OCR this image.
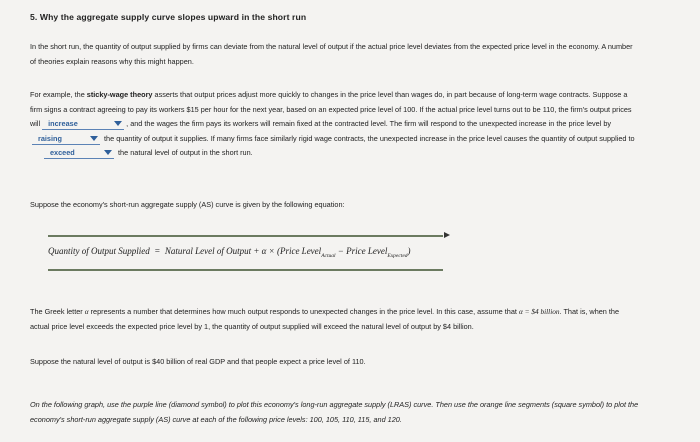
5. Why the aggregate supply curve slopes upward in the short run
In the short run, the quantity of output supplied by firms can deviate from the natural level of output if the actual price level deviates from the expected price level in the economy. A number of theories explain reasons why this might happen.
For example, the sticky-wage theory asserts that output prices adjust more quickly to changes in the price level than wages do, in part because of long-term wage contracts. Suppose a firm signs a contract agreeing to pay its workers $15 per hour for the next year, based on an expected price level of 100. If the actual price level turns out to be 110, the firm's output prices will increase	, and the wages the firm pays its workers will remain fixed at the contracted level. The firm will respond to the unexpected increase in the price level byraising	the quantity of output it supplies. If many firms face similarly rigid wage contracts, the unexpected increase in the price level causes the quantity of output supplied to
exceed	the natural level of output in the short run.
Suppose the economy's short-run aggregate supply (AS) curve is given by the following equation:
Quantity of Output Supplied = Natural Level of Output + α × (Price Level$_{Actual}$ − Price Level$_{Expected}$)
The Greek letter α represents a number that determines how much output responds to unexpected changes in the price level. In this case, assume that α = $4 billion. That is, when the actual price level exceeds the expected price level by 1, the quantity of output supplied will exceed the natural level of output by $4 billion.
Suppose the natural level of output is $40 billion of real GDP and that people expect a price level of 110.
On the following graph, use the purple line (diamond symbol) to plot this economy's long-run aggregate supply (LRAS) curve. Then use the orange line segments (square symbol) to plot the economy's short-run aggregate supply (AS) curve at each of the following price levels: 100, 105, 110, 115, and 120.
